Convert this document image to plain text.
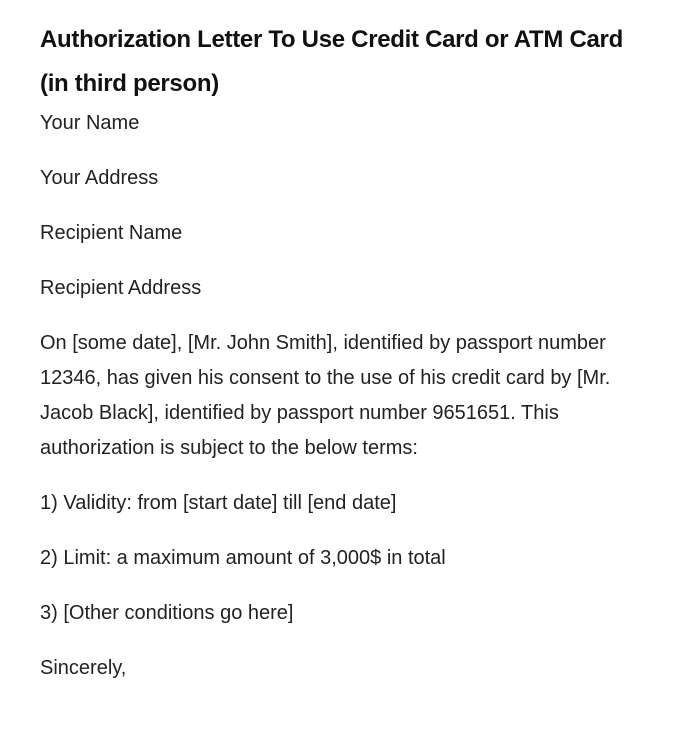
Authorization Letter To Use Credit Card or ATM Card (in third person)

Your Name

Your Address

Recipient Name

Recipient Address

On [some date], [Mr. John Smith], identified by passport number 12346, has given his consent to the use of his credit card by [Mr. Jacob Black], identified by passport number 9651651. This authorization is subject to the below terms:

1) Validity: from [start date] till [end date]

2) Limit: a maximum amount of 3,000$ in total

3) [Other conditions go here]

Sincerely,
